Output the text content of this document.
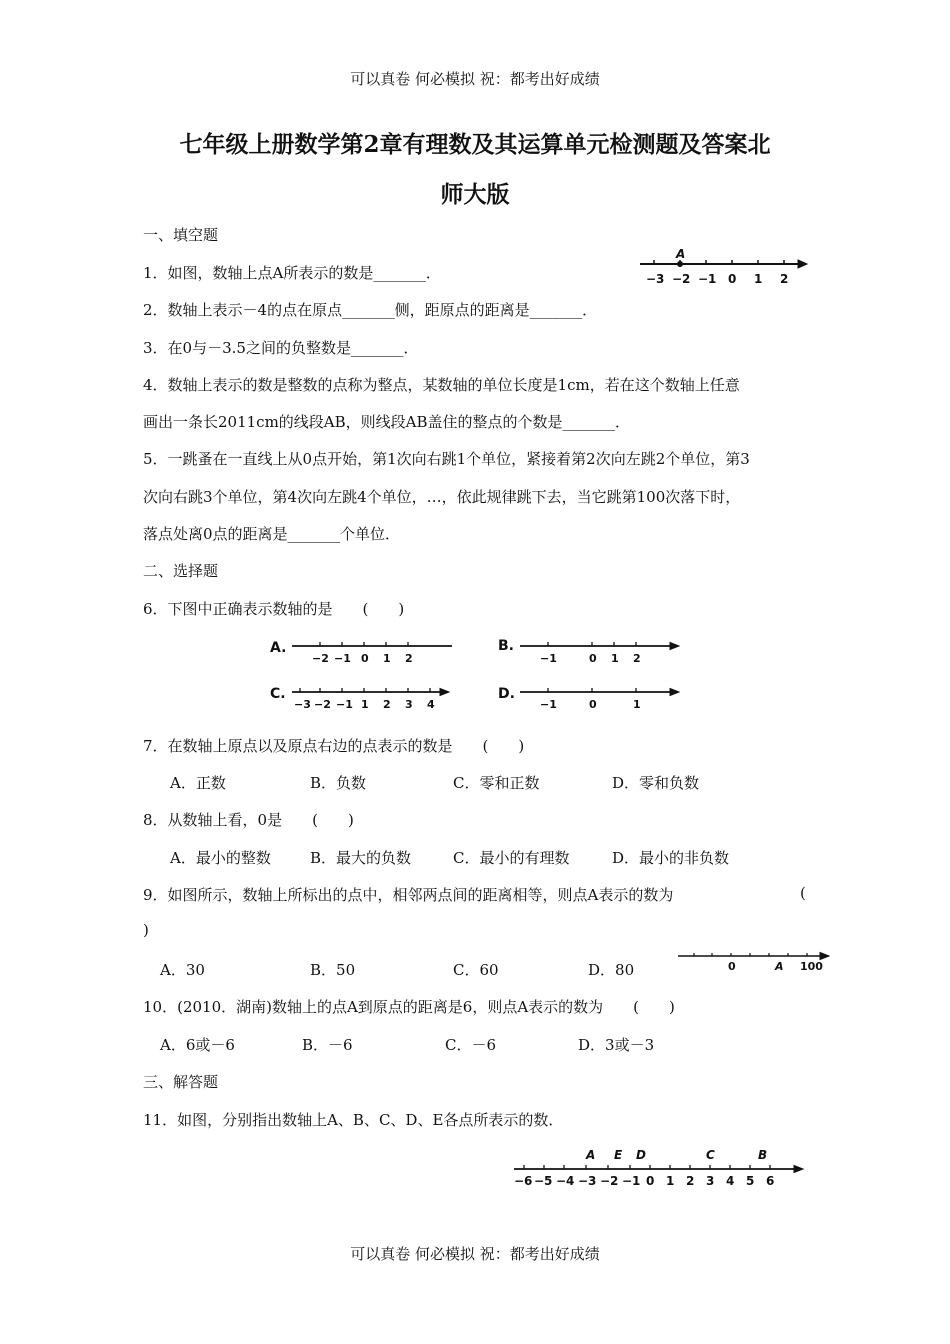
可以真卷 何必模拟 祝：都考出好成绩
七年级上册数学第2章有理数及其运算单元检测题及答案北
师大版
一、填空题
1．如图，数轴上点A所表示的数是_______．
A
−3 −2 −1 0 1 2
2．数轴上表示－4的点在原点_______侧，距原点的距离是_______．
3．在0与－3.5之间的负整数是_______．
4．数轴上表示的数是整数的点称为整点，某数轴的单位长度是1cm，若在这个数轴上任意
画出一条长2011cm的线段AB，则线段AB盖住的整点的个数是_______．
5．一跳蚤在一直线上从0点开始，第1次向右跳1个单位，紧接着第2次向左跳2个单位，第3
次向右跳3个单位，第4次向左跳4个单位，…，依此规律跳下去，当它跳第100次落下时，
落点处离0点的距离是_______个单位．
二、选择题
6．下图中正确表示数轴的是　　(　　)
A.
−2 −1 0 1 2
B.
−1	0 1 2
C.
−3 −2 −1 1 2 3 4
D.
−1	0	1
7．在数轴上原点以及原点右边的点表示的数是　　(　　)
A．正数	B．负数	C．零和正数	D．零和负数
8．从数轴上看，0是　　(　　)
A．最小的整数	B．最大的负数	C．最小的有理数	D．最小的非负数
9．如图所示，数轴上所标出的点中，相邻两点间的距离相等，则点A表示的数为	(
)
A．30	B．50	C．60	D．80	0	A 100
10．(2010．湖南)数轴上的点A到原点的距离是6，则点A表示的数为　　(　　)
A．6或－6	B．－6	C．－6	D．3或－3
三、解答题
11．如图，分别指出数轴上A、B、C、D、E各点所表示的数．
A E D	C	B
−6 −5 −4 −3 −2 −1 0 1 2 3 4 5 6
可以真卷 何必模拟 祝：都考出好成绩
